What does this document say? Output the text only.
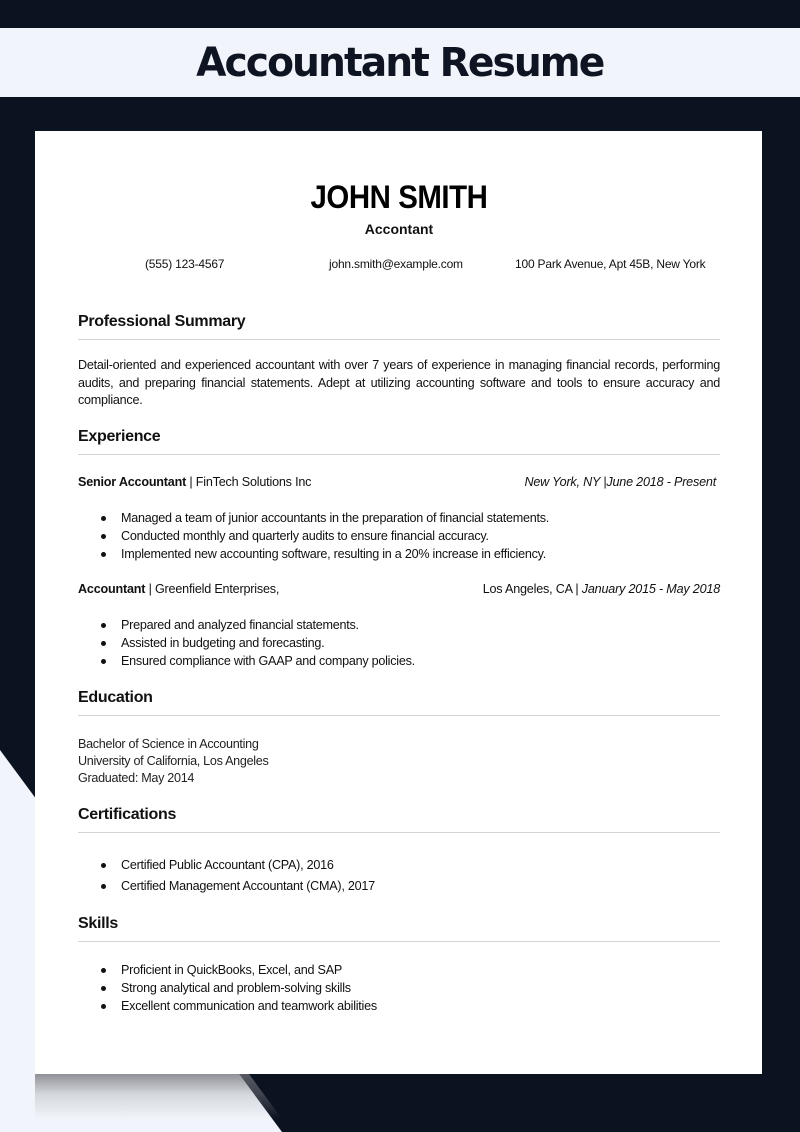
Accountant Resume
JOHN SMITH
Accontant
(555) 123-4567	john.smith@example.com	100 Park Avenue, Apt 45B, New York
Professional Summary
Detail-oriented and experienced accountant with over 7 years of experience in managing financial records, performing audits, and preparing financial statements. Adept at utilizing accounting software and tools to ensure accuracy and compliance.
Experience
Senior Accountant | FinTech Solutions Inc	New York, NY |June 2018 - Present
Managed a team of junior accountants in the preparation of financial statements.
Conducted monthly and quarterly audits to ensure financial accuracy.
Implemented new accounting software, resulting in a 20% increase in efficiency.
Accountant | Greenfield Enterprises,	Los Angeles, CA | January 2015 - May 2018
Prepared and analyzed financial statements.
Assisted in budgeting and forecasting.
Ensured compliance with GAAP and company policies.
Education
Bachelor of Science in Accounting
University of California, Los Angeles
Graduated: May 2014
Certifications
Certified Public Accountant (CPA), 2016
Certified Management Accountant (CMA), 2017
Skills
Proficient in QuickBooks, Excel, and SAP
Strong analytical and problem-solving skills
Excellent communication and teamwork abilities
